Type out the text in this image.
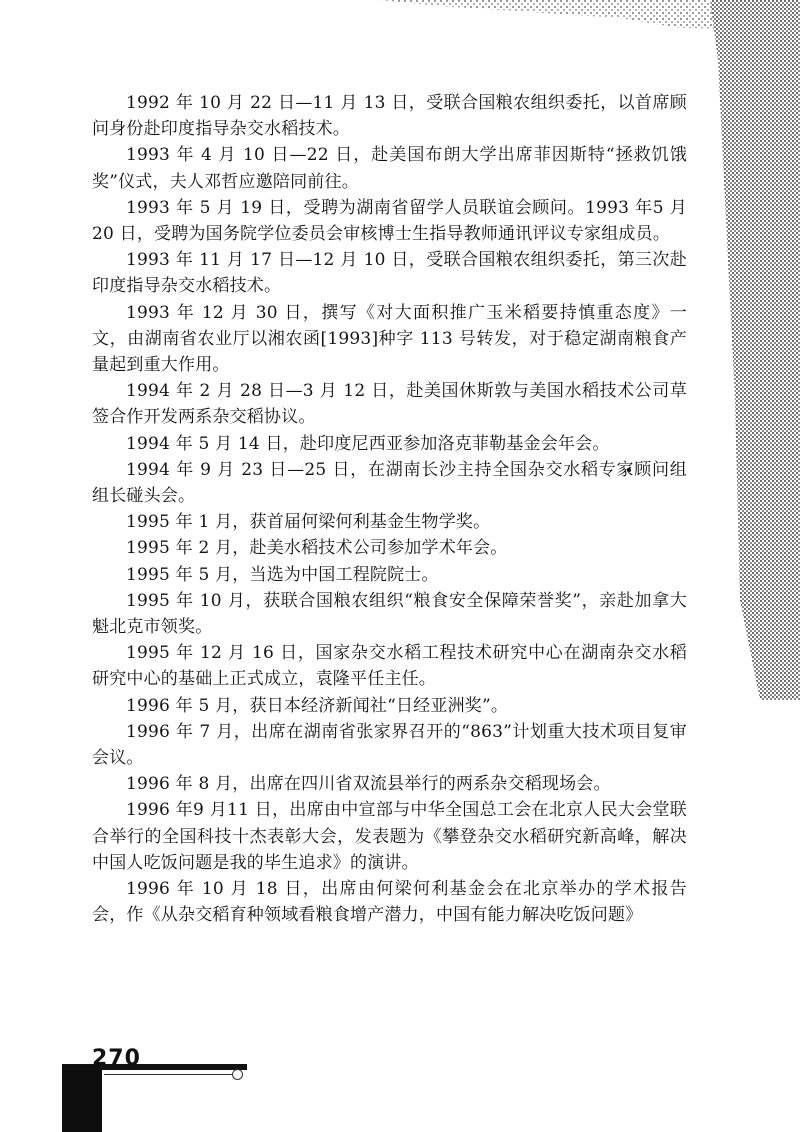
1992 年 10 月 22 日—11 月 13 日，受联合国粮农组织委托，以首席顾问身份赴印度指导杂交水稻技术。

1993 年 4 月 10 日—22 日，赴美国布朗大学出席菲因斯特“拯救饥饿奖”仪式，夫人邓哲应邀陪同前往。

1993 年 5 月 19 日，受聘为湖南省留学人员联谊会顾问。1993 年5 月 20 日，受聘为国务院学位委员会审核博士生指导教师通讯评议专家组成员。

1993 年 11 月 17 日—12 月 10 日，受联合国粮农组织委托，第三次赴印度指导杂交水稻技术。

1993 年 12 月 30 日，撰写《对大面积推广玉米稻要持慎重态度》一文，由湖南省农业厅以湘农函[1993]种字 113 号转发，对于稳定湖南粮食产量起到重大作用。

1994 年 2 月 28 日—3 月 12 日，赴美国休斯敦与美国水稻技术公司草签合作开发两系杂交稻协议。

1994 年 5 月 14 日，赴印度尼西亚参加洛克菲勒基金会年会。

1994 年 9 月 23 日—25 日，在湖南长沙主持全国杂交水稻专家顾问组组长碰头会。

1995 年 1 月，获首届何梁何利基金生物学奖。

1995 年 2 月，赴美水稻技术公司参加学术年会。

1995 年 5 月，当选为中国工程院院士。

1995 年 10 月，获联合国粮农组织“粮食安全保障荣誉奖”，亲赴加拿大魁北克市领奖。

1995 年 12 月 16 日，国家杂交水稻工程技术研究中心在湖南杂交水稻研究中心的基础上正式成立，袁隆平任主任。

1996 年 5 月，获日本经济新闻社“日经亚洲奖”。

1996 年 7 月，出席在湖南省张家界召开的“863”计划重大技术项目复审会议。

1996 年 8 月，出席在四川省双流县举行的两系杂交稻现场会。

1996 年9 月11 日，出席由中宣部与中华全国总工会在北京人民大会堂联合举行的全国科技十杰表彰大会，发表题为《攀登杂交水稻研究新高峰，解决中国人吃饭问题是我的毕生追求》的演讲。

1996 年 10 月 18 日，出席由何梁何利基金会在北京举办的学术报告会，作《从杂交稻育种领域看粮食增产潜力，中国有能力解决吃饭问题》

270
